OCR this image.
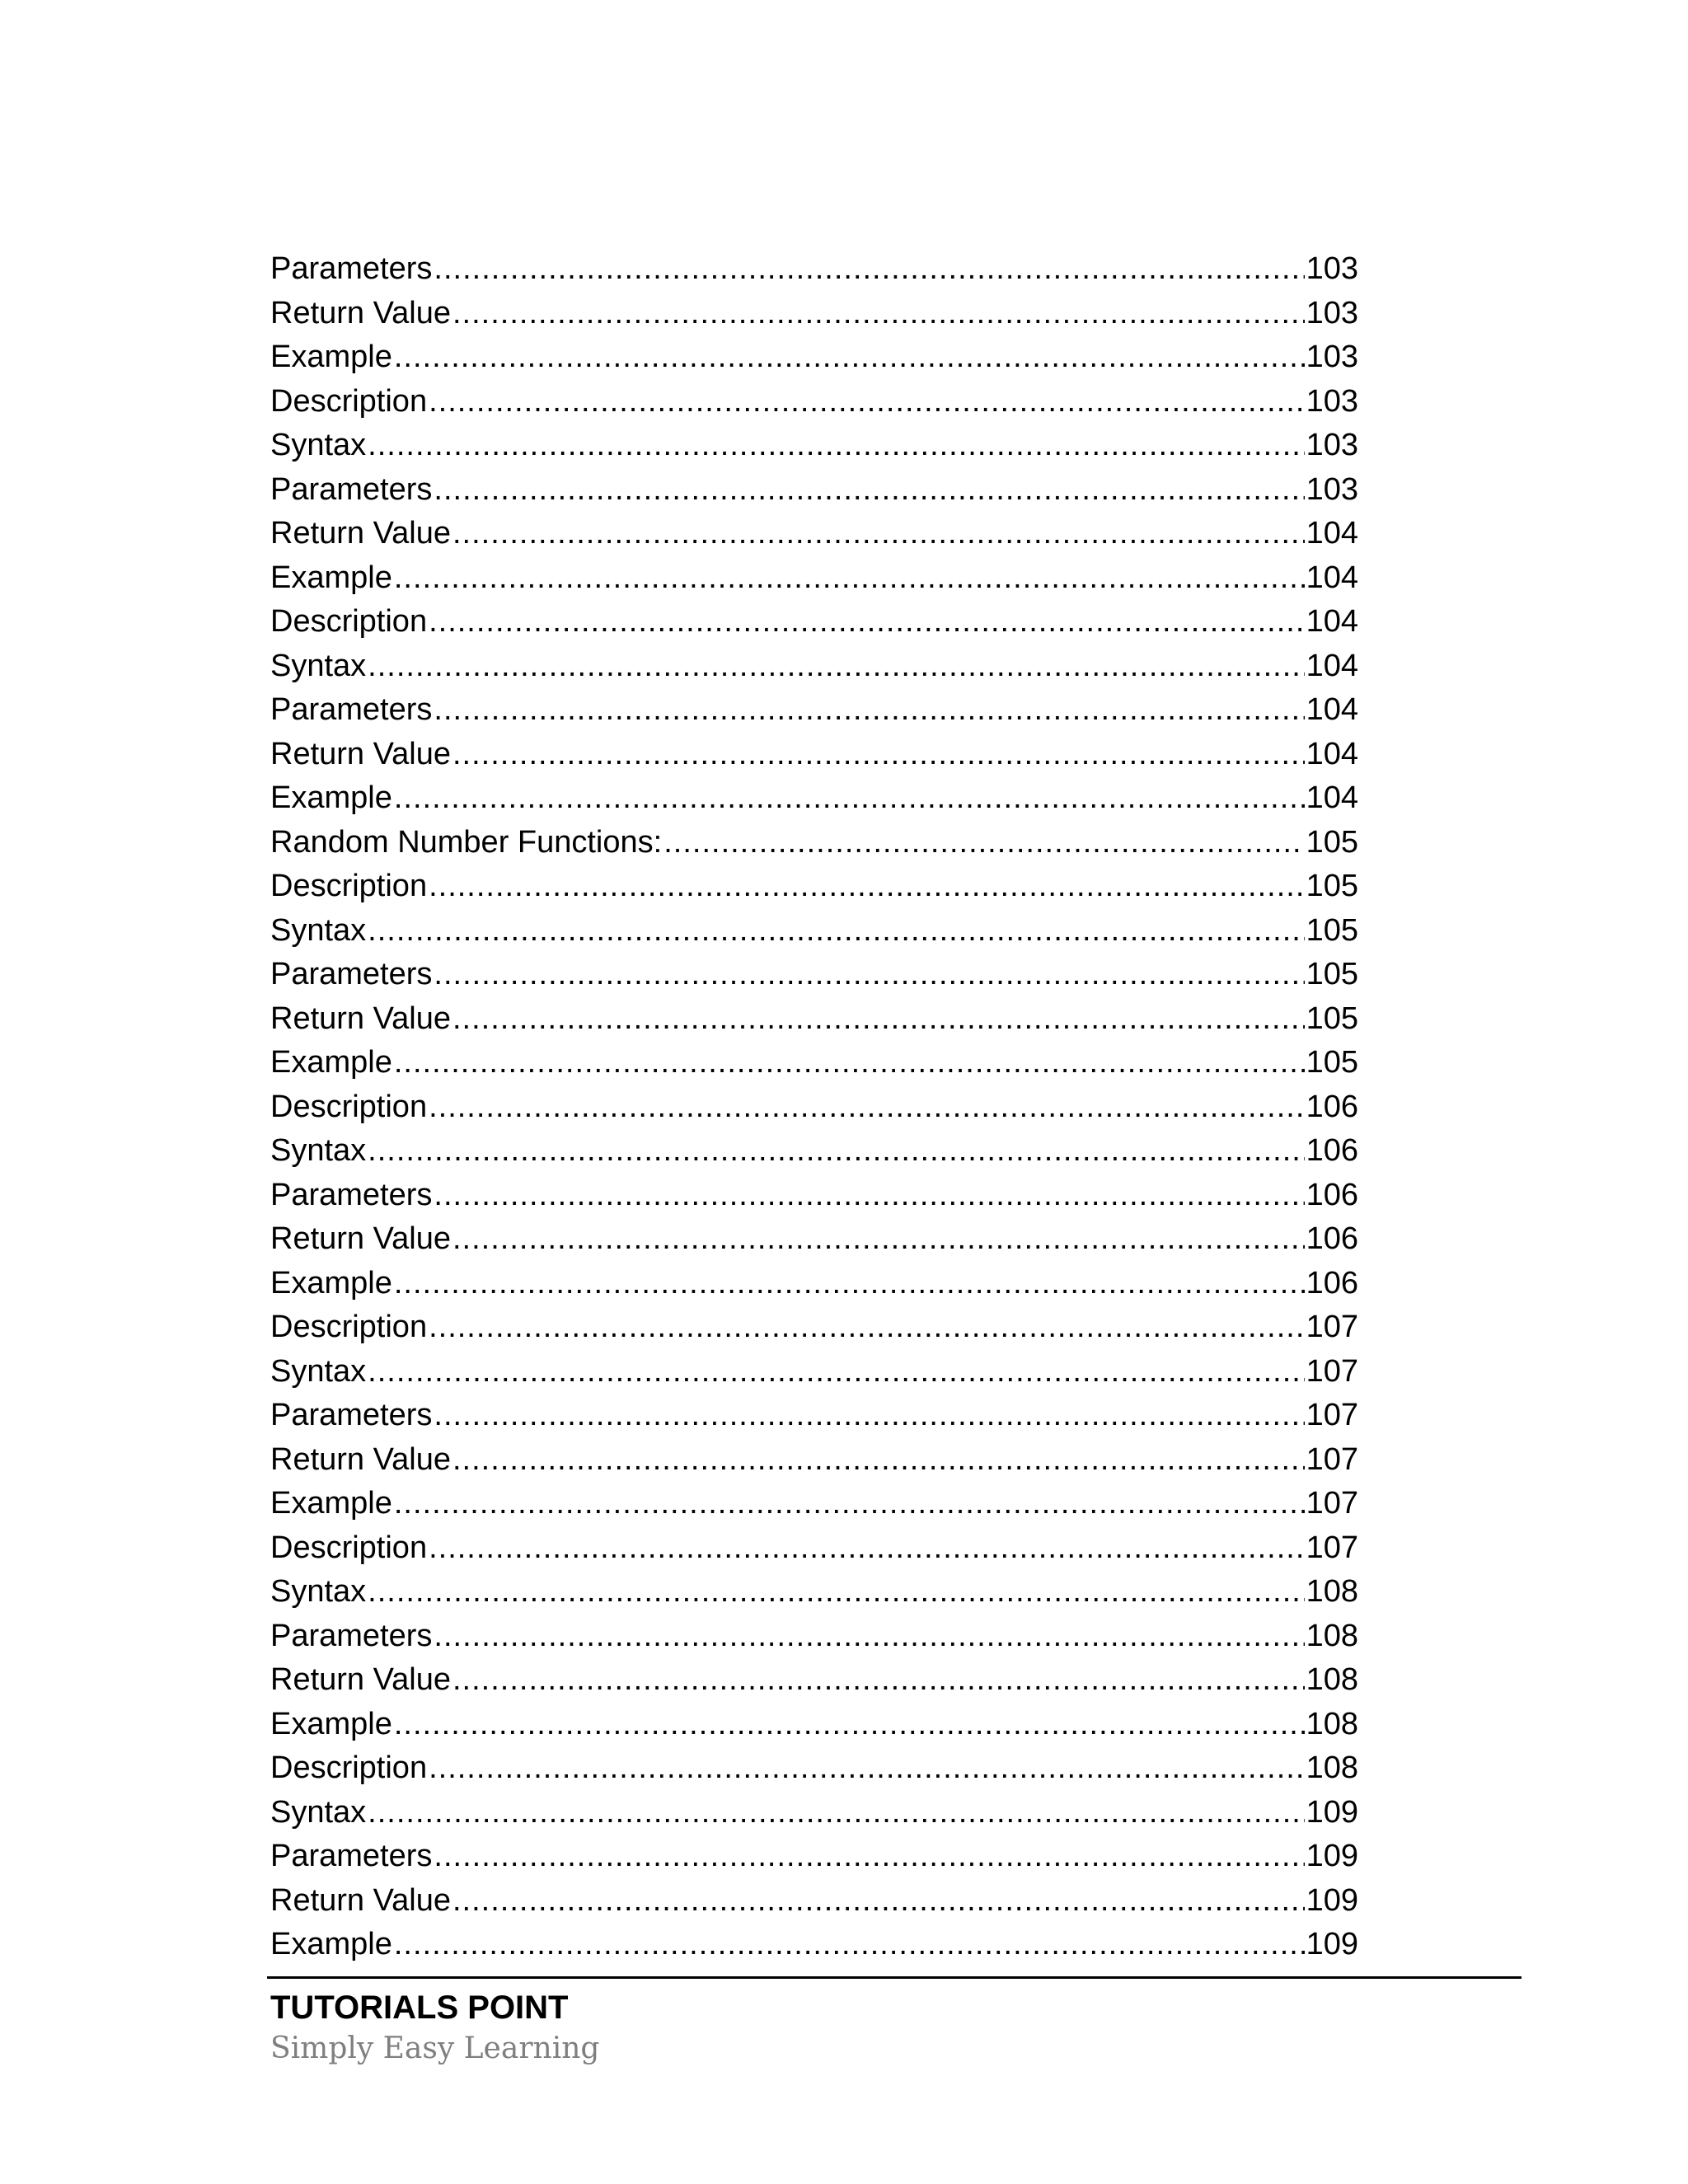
Parameters .....	103
Return Value .....	103
Example .....	103
Description .....	103
Syntax .....	103
Parameters .....	103
Return Value .....	104
Example .....	104
Description .....	104
Syntax .....	104
Parameters .....	104
Return Value .....	104
Example .....	104
Random Number Functions: .....	105
Description .....	105
Syntax .....	105
Parameters .....	105
Return Value .....	105
Example .....	105
Description .....	106
Syntax .....	106
Parameters .....	106
Return Value .....	106
Example .....	106
Description .....	107
Syntax .....	107
Parameters .....	107
Return Value .....	107
Example .....	107
Description .....	107
Syntax .....	108
Parameters .....	108
Return Value .....	108
Example .....	108
Description .....	108
Syntax .....	109
Parameters .....	109
Return Value .....	109
Example .....	109
TUTORIALS POINT
Simply Easy Learning
